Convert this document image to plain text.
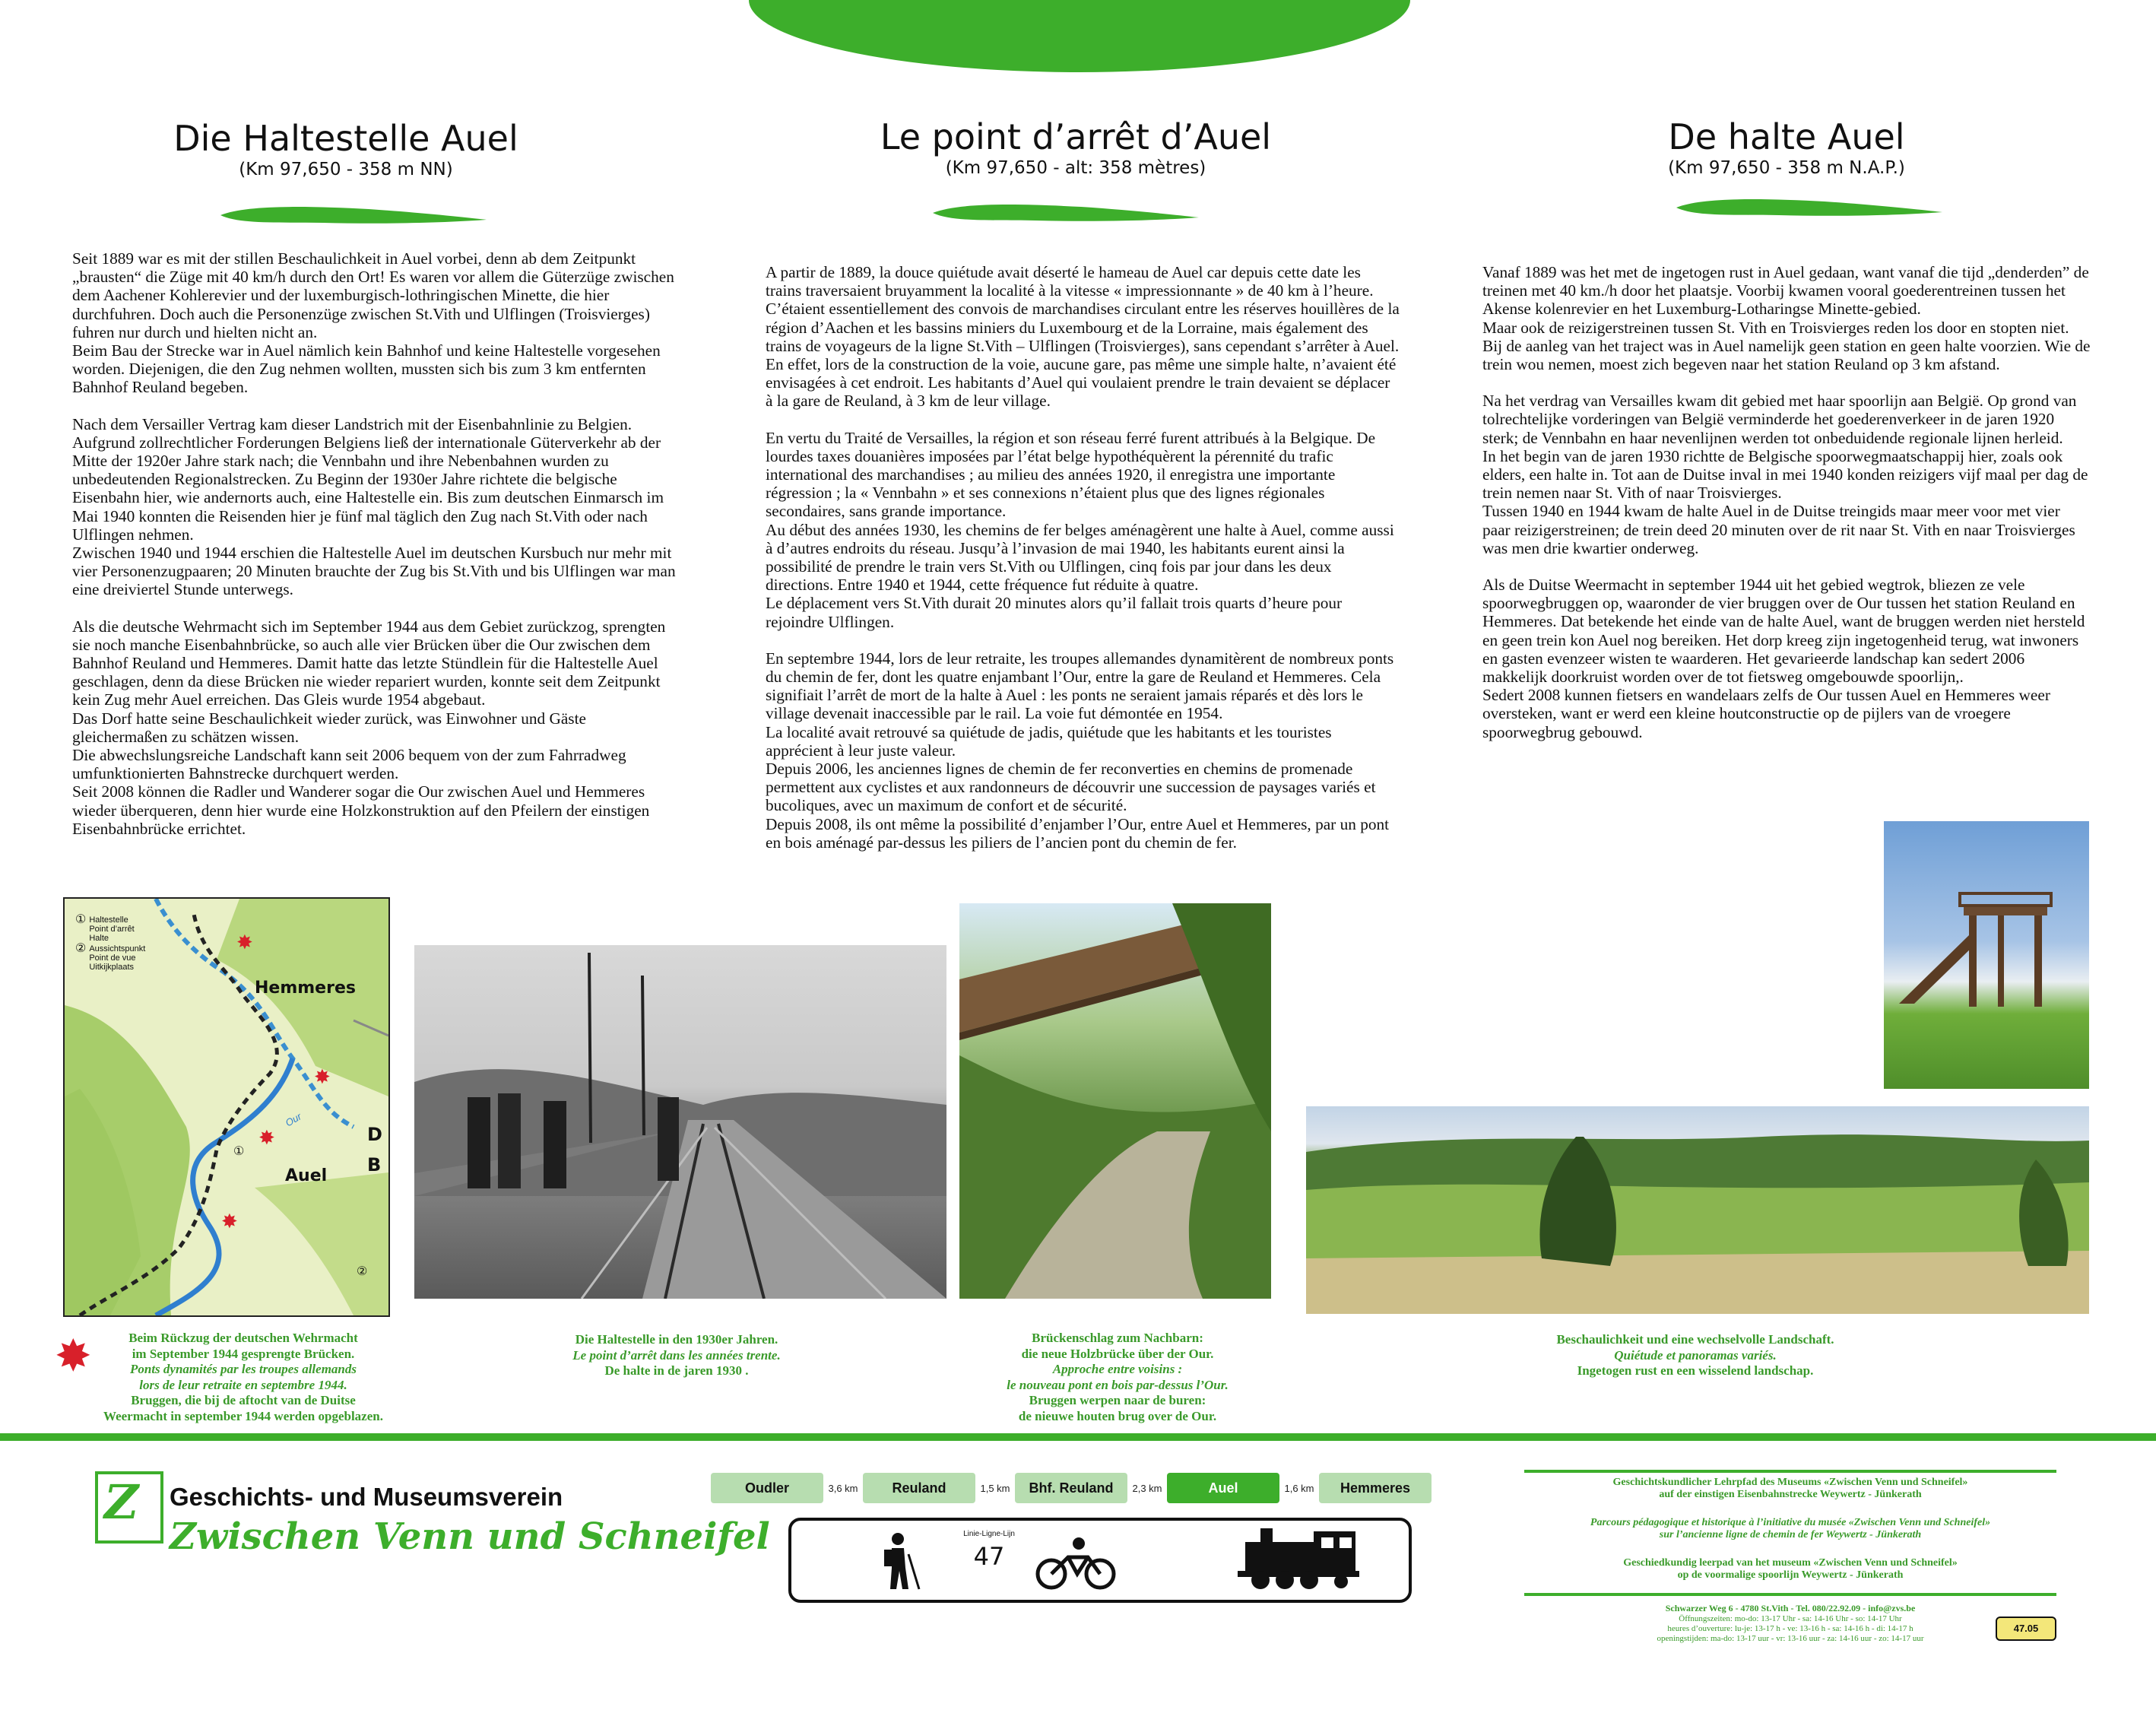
Die Haltestelle Auel
(Km 97,650 - 358 m NN)
Le point d’arrêt d’Auel
(Km 97,650 - alt: 358 mètres)
De halte Auel
(Km 97,650 - 358 m N.A.P.)

Seit 1889 war es mit der stillen Beschaulichkeit in Auel vorbei, denn ab dem Zeitpunkt „brausten“ die Züge mit 40 km/h durch den Ort! Es waren vor allem die Güterzüge zwischen dem Aachener Kohlerevier und der luxemburgisch-lothringischen Minette, die hier durchfuhren. Doch auch die Personenzüge zwischen St.Vith und Ulflingen (Troisvierges) fuhren nur durch und hielten nicht an.
Beim Bau der Strecke war in Auel nämlich kein Bahnhof und keine Haltestelle vorgesehen worden. Diejenigen, die den Zug nehmen wollten, mussten sich bis zum 3 km entfernten Bahnhof Reuland begeben.

Nach dem Versailler Vertrag kam dieser Landstrich mit der Eisenbahnlinie zu Belgien. Aufgrund zollrechtlicher Forderungen Belgiens ließ der internationale Güterverkehr ab der Mitte der 1920er Jahre stark nach; die Vennbahn und ihre Nebenbahnen wurden zu unbedeutenden Regionalstrecken. Zu Beginn der 1930er Jahre richtete die belgische Eisenbahn hier, wie andernorts auch, eine Haltestelle ein. Bis zum deutschen Einmarsch im Mai 1940 konnten die Reisenden hier je fünf mal täglich den Zug nach St.Vith oder nach Ulflingen nehmen.
Zwischen 1940 und 1944 erschien die Haltestelle Auel im deutschen Kursbuch nur mehr mit vier Personenzugpaaren; 20 Minuten brauchte der Zug bis St.Vith und bis Ulflingen war man eine dreiviertel Stunde unterwegs.

Als die deutsche Wehrmacht sich im September 1944 aus dem Gebiet zurückzog, sprengten sie noch manche Eisenbahnbrücke, so auch alle vier Brücken über die Our zwischen dem Bahnhof Reuland und Hemmeres. Damit hatte das letzte Stündlein für die Haltestelle Auel geschlagen, denn da diese Brücken nie wieder repariert wurden, konnte seit dem Zeitpunkt kein Zug mehr Auel erreichen. Das Gleis wurde 1954 abgebaut.
Das Dorf hatte seine Beschaulichkeit wieder zurück, was Einwohner und Gäste gleichermaßen zu schätzen wissen.
Die abwechslungsreiche Landschaft kann seit 2006 bequem von der zum Fahrradweg umfunktionierten Bahnstrecke durchquert werden.
Seit 2008 können die Radler und Wanderer sogar die Our zwischen Auel und Hemmeres wieder überqueren, denn hier wurde eine Holzkonstruktion auf den Pfeilern der einstigen Eisenbahnbrücke errichtet.

A partir de 1889, la douce quiétude avait déserté le hameau de Auel car depuis cette date les trains traversaient bruyamment la localité à la vitesse « impressionnante » de 40 km à l’heure. C’étaient essentiellement des convois de marchandises circulant entre les réserves houillères de la région d’Aachen et les bassins miniers du Luxembourg et de la Lorraine, mais également des trains de voyageurs de la ligne St.Vith – Ulflingen (Troisvierges), sans cependant s’arrêter à Auel. En effet, lors de la construction de la voie, aucune gare, pas même une simple halte, n’avaient été envisagées à cet endroit. Les habitants d’Auel qui voulaient prendre le train devaient se déplacer à la gare de Reuland, à 3 km de leur village.

En vertu du Traité de Versailles, la région et son réseau ferré furent attribués à la Belgique. De lourdes taxes douanières imposées par l’état belge hypothéquèrent la pérennité du trafic international des marchandises ; au milieu des années 1920, il enregistra une importante régression ; la « Vennbahn » et ses connexions n’étaient plus que des lignes régionales secondaires, sans grande importance.
Au début des années 1930, les chemins de fer belges aménagèrent une halte à Auel, comme aussi à d’autres endroits du réseau. Jusqu’à l’invasion de mai 1940, les habitants eurent ainsi la possibilité de prendre le train vers St.Vith ou Ulflingen, cinq fois par jour dans les deux directions. Entre 1940 et 1944, cette fréquence fut réduite à quatre.
Le déplacement vers St.Vith durait 20 minutes alors qu’il fallait trois quarts d’heure pour rejoindre Ulflingen.

En septembre 1944, lors de leur retraite, les troupes allemandes dynamitèrent de nombreux ponts du chemin de fer, dont les quatre enjambant l’Our, entre la gare de Reuland et Hemmeres. Cela signifiait l’arrêt de mort de la halte à Auel : les ponts ne seraient jamais réparés et dès lors le village devenait inaccessible par le rail. La voie fut démontée en 1954.
La localité avait retrouvé sa quiétude de jadis, quiétude que les habitants et les touristes apprécient à leur juste valeur.
Depuis 2006, les anciennes lignes de chemin de fer reconverties en chemins de promenade permettent aux cyclistes et aux randonneurs de découvrir une succession de paysages variés et bucoliques, avec un maximum de confort et de sécurité.
Depuis 2008, ils ont même la possibilité d’enjamber l’Our, entre Auel et Hemmeres, par un pont en bois aménagé par-dessus les piliers de l’ancien pont du chemin de fer.

Vanaf 1889 was het met de ingetogen rust in Auel gedaan, want vanaf die tijd „denderden” de treinen met 40 km./h door het plaatsje. Voorbij kwamen vooral goederentreinen tussen het Akense kolenrevier en het Luxemburg-Lotharingse Minette-gebied.
Maar ook de reizigerstreinen tussen St. Vith en Troisvierges reden los door en stopten niet. Bij de aanleg van het traject was in Auel namelijk geen station en geen halte voorzien. Wie de trein wou nemen, moest zich begeven naar het station Reuland op 3 km afstand.

Na het verdrag van Versailles kwam dit gebied met haar spoorlijn aan België. Op grond van tolrechtelijke vorderingen van België verminderde het goederenverkeer in de jaren 1920 sterk; de Vennbahn en haar nevenlijnen werden tot onbeduidende regionale lijnen herleid.
In het begin van de jaren 1930 richtte de Belgische spoorwegmaatschappij hier, zoals ook elders, een halte in. Tot aan de Duitse inval in mei 1940 konden reizigers vijf maal per dag de trein nemen naar St. Vith of naar Troisvierges.
Tussen 1940 en 1944 kwam de halte Auel in de Duitse treingids maar meer voor met vier paar reizigerstreinen; de trein deed 20 minuten over de rit naar St. Vith en naar Troisvierges was men drie kwartier onderweg.

Als de Duitse Weermacht in september 1944 uit het gebied wegtrok, bliezen ze vele spoorwegbruggen op, waaronder de vier bruggen over de Our tussen het station Reuland en Hemmeres. Dat betekende het einde van de halte Auel, want de bruggen werden niet hersteld en geen trein kon Auel nog bereiken. Het dorp kreeg zijn ingetogenheid terug, wat inwoners en gasten evenzeer wisten te waarderen. Het gevarieerde landschap kan sedert 2006 makkelijk doorkruist worden over de tot fietsweg omgebouwde spoorlijn,.
Sedert 2008 kunnen fietsers en wandelaars zelfs de Our tussen Auel en Hemmeres weer oversteken, want er werd een kleine houtconstructie op de pijlers van de vroegere spoorwegbrug gebouwd.

① Haltestelle
Point d’arrêt
Halte
② Aussichtspunkt
Point de vue
Uitkijkplaats
Hemmeres
Our
D
B
Auel
①
②
✸
✸
✸
✸
✸	Beim Rückzug der deutschen Wehrmacht
im September 1944 gesprengte Brücken.
Ponts dynamités par les troupes allemands
lors de leur retraite en septembre 1944.
Bruggen, die bij de aftocht van de Duitse
Weermacht in september 1944 werden opgeblazen.
Die Haltestelle in den 1930er Jahren.
Le point d’arrêt dans les années trente.
De halte in de jaren 1930 .
Brückenschlag zum Nachbarn:
die neue Holzbrücke über der Our.
Approche entre voisins :
le nouveau pont en bois par-dessus l’Our.
Bruggen werpen naar de buren:
de nieuwe houten brug over de Our.
Beschaulichkeit und eine wechselvolle Landschaft.
Quiétude et panoramas variés.
Ingetogen rust en een wisselend landschap.
Z Geschichts- und Museumsverein
Zwischen Venn und Schneifel
Oudler	3,6 km	Reuland	1,5 km	Bhf. Reuland	2,3 km	Auel	1,6 km	Hemmeres
Linie-Ligne-Lijn
47
Geschichtskundlicher Lehrpfad des Museums «Zwischen Venn und Schneifel»
auf der einstigen Eisenbahnstrecke Weywertz - Jünkerath
Parcours pédagogique et historique à l’initiative du musée «Zwischen Venn und Schneifel»
sur l’ancienne ligne de chemin de fer Weywertz - Jünkerath
Geschiedkundig leerpad van het museum «Zwischen Venn und Schneifel»
op de voormalige spoorlijn Weywertz - Jünkerath
Schwarzer Weg 6 - 4780 St.Vith - Tel. 080/22.92.09 - info@zvs.be
Öffnungszeiten: mo-do: 13-17 Uhr - sa: 14-16 Uhr - so: 14-17 Uhr
heures d’ouverture: lu-je: 13-17 h - ve: 13-16 h - sa: 14-16 h - di: 14-17 h
openingstijden: ma-do: 13-17 uur - vr: 13-16 uur - za: 14-16 uur - zo: 14-17 uur
47.05
